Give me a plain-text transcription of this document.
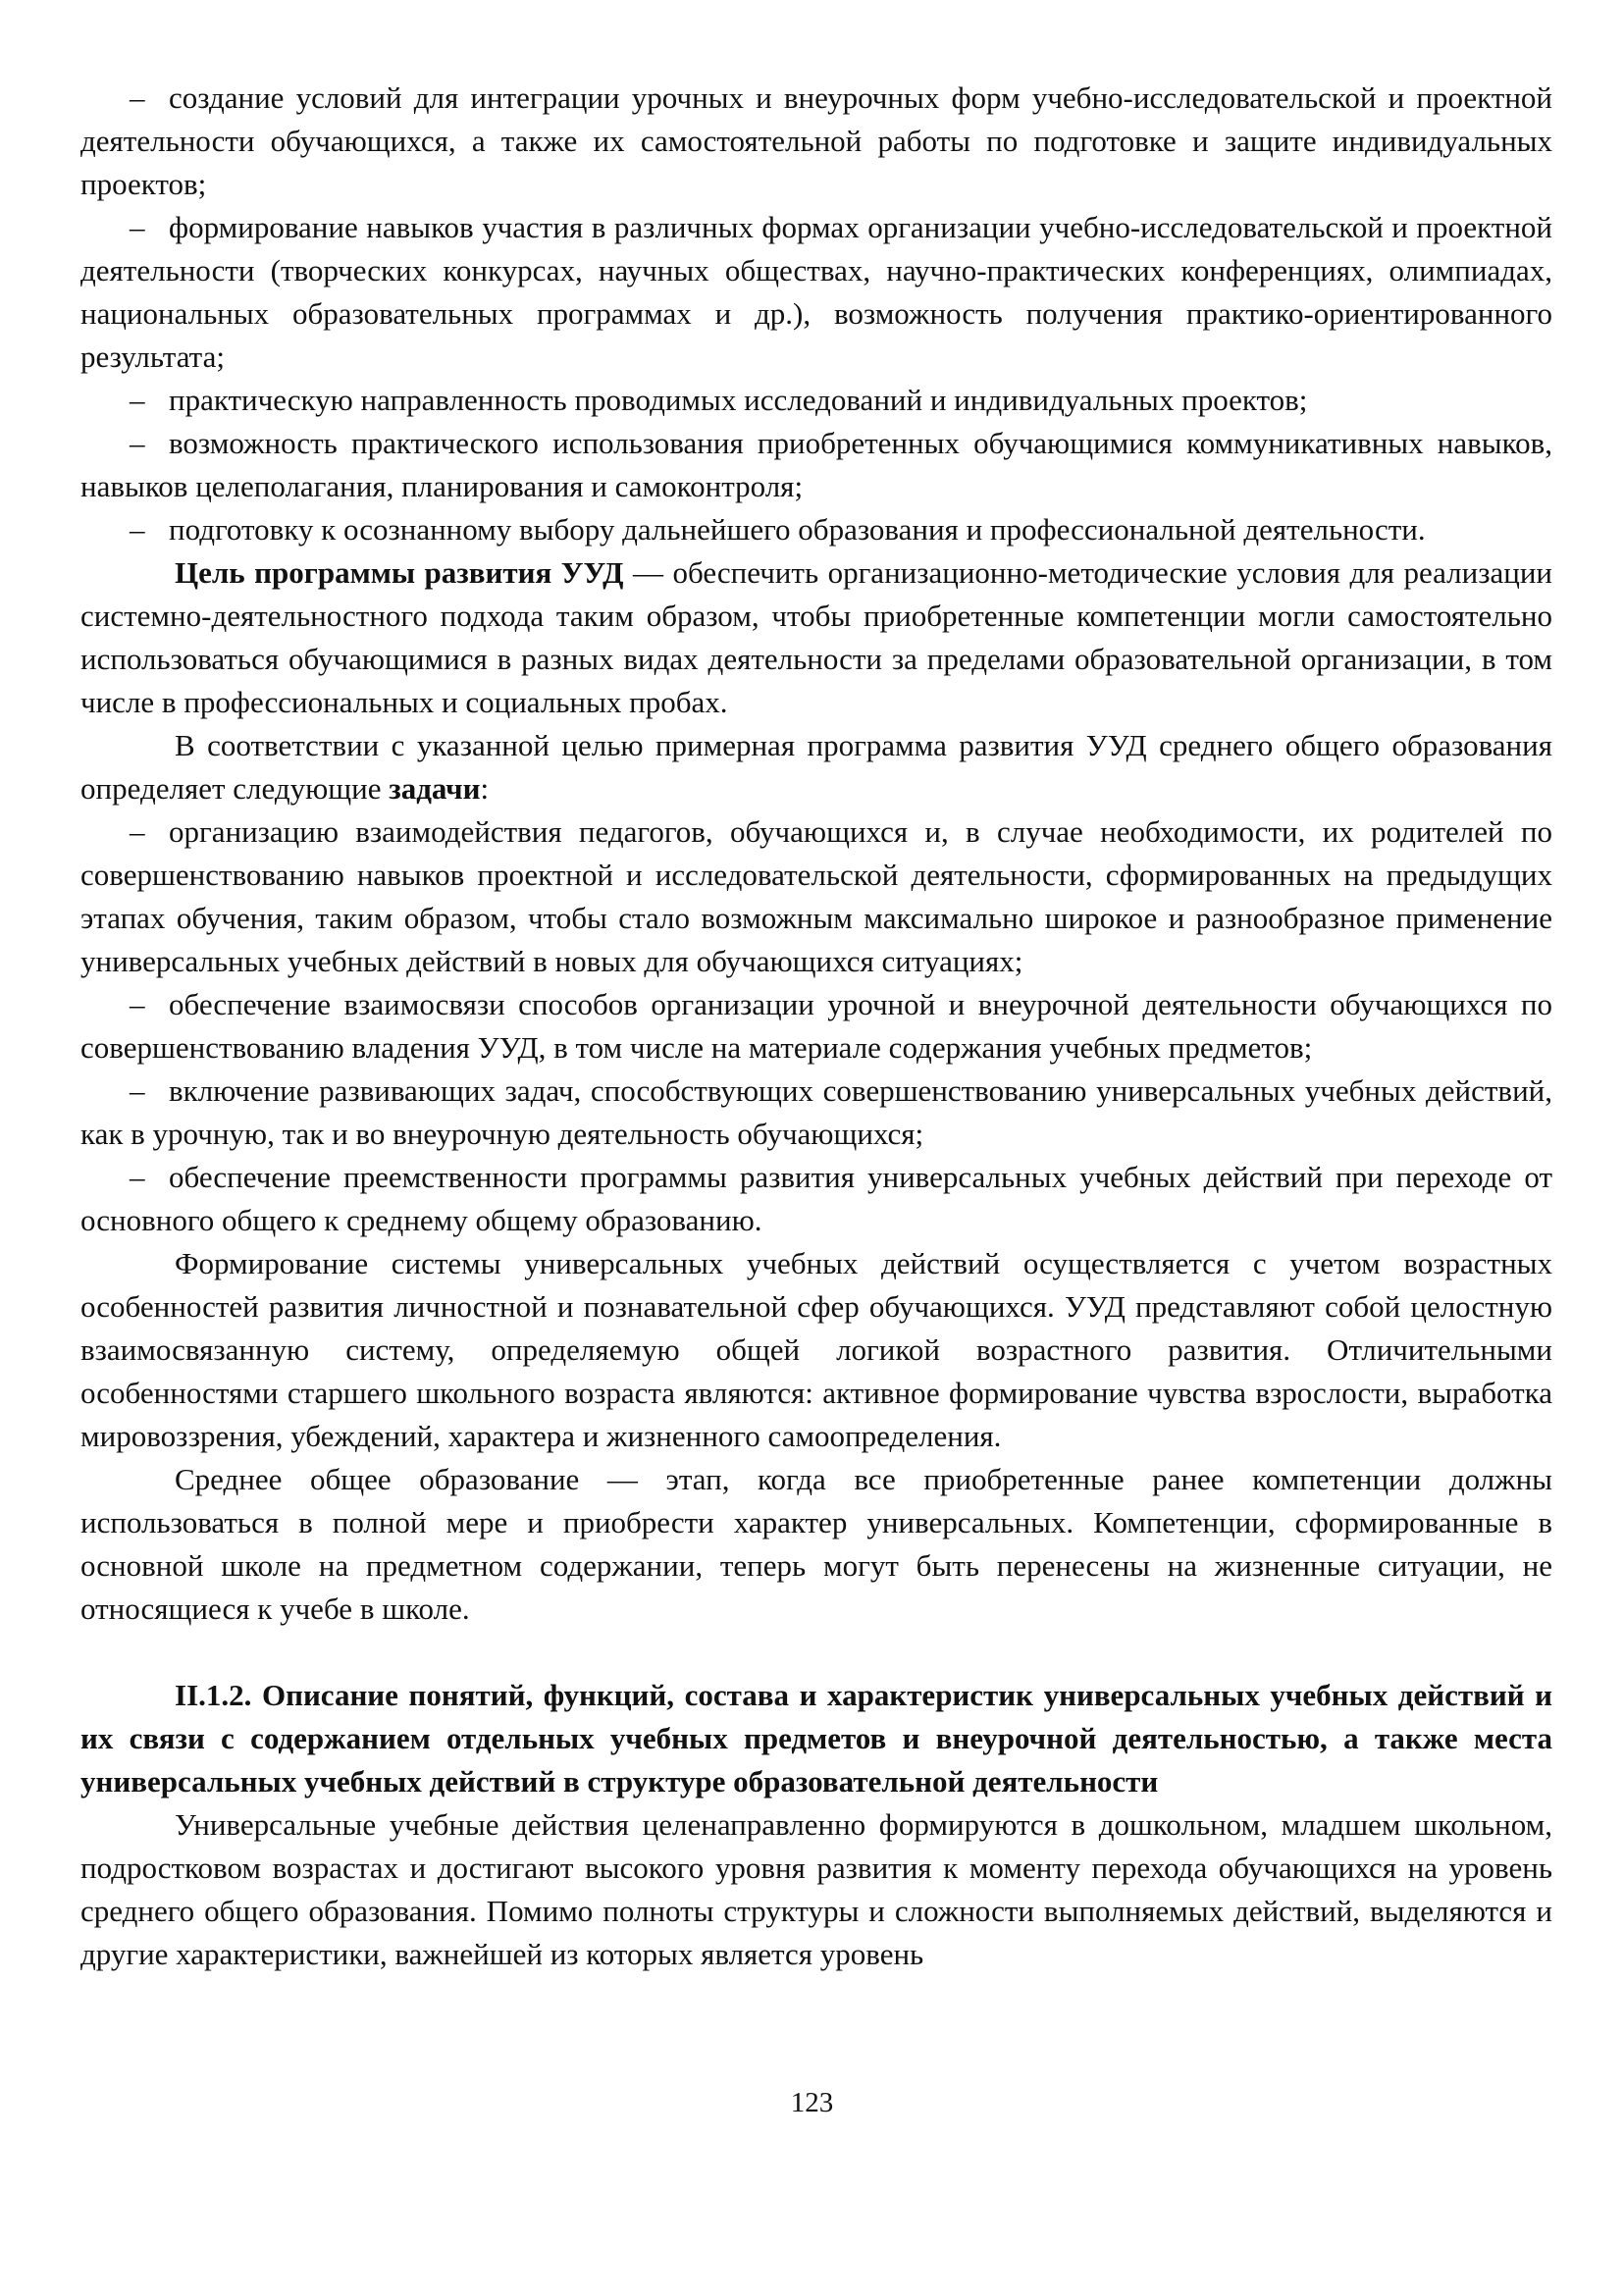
– создание условий для интеграции урочных и внеурочных форм учебно-исследовательской и проектной деятельности обучающихся, а также их самостоятельной работы по подготовке и защите индивидуальных проектов;

– формирование навыков участия в различных формах организации учебно-исследовательской и проектной деятельности (творческих конкурсах, научных обществах, научно-практических конференциях, олимпиадах, национальных образовательных программах и др.), возможность получения практико-ориентированного результата;

– практическую направленность проводимых исследований и индивидуальных проектов;

– возможность практического использования приобретенных обучающимися коммуникативных навыков, навыков целеполагания, планирования и самоконтроля;

– подготовку к осознанному выбору дальнейшего образования и профессиональной деятельности.

Цель программы развития УУД — обеспечить организационно-методические условия для реализации системно-деятельностного подхода таким образом, чтобы приобретенные компетенции могли самостоятельно использоваться обучающимися в разных видах деятельности за пределами образовательной организации, в том числе в профессиональных и социальных пробах.

В соответствии с указанной целью примерная программа развития УУД среднего общего образования определяет следующие задачи:

– организацию взаимодействия педагогов, обучающихся и, в случае необходимости, их родителей по совершенствованию навыков проектной и исследовательской деятельности, сформированных на предыдущих этапах обучения, таким образом, чтобы стало возможным максимально широкое и разнообразное применение универсальных учебных действий в новых для обучающихся ситуациях;

– обеспечение взаимосвязи способов организации урочной и внеурочной деятельности обучающихся по совершенствованию владения УУД, в том числе на материале содержания учебных предметов;

– включение развивающих задач, способствующих совершенствованию универсальных учебных действий, как в урочную, так и во внеурочную деятельность обучающихся;

– обеспечение преемственности программы развития универсальных учебных действий при переходе от основного общего к среднему общему образованию.

Формирование системы универсальных учебных действий осуществляется с учетом возрастных особенностей развития личностной и познавательной сфер обучающихся. УУД представляют собой целостную взаимосвязанную систему, определяемую общей логикой возрастного развития. Отличительными особенностями старшего школьного возраста являются: активное формирование чувства взрослости, выработка мировоззрения, убеждений, характера и жизненного самоопределения.

Среднее общее образование — этап, когда все приобретенные ранее компетенции должны использоваться в полной мере и приобрести характер универсальных. Компетенции, сформированные в основной школе на предметном содержании, теперь могут быть перенесены на жизненные ситуации, не относящиеся к учебе в школе.

II.1.2. Описание понятий, функций, состава и характеристик универсальных учебных действий и их связи с содержанием отдельных учебных предметов и внеурочной деятельностью, а также места универсальных учебных действий в структуре образовательной деятельности

Универсальные учебные действия целенаправленно формируются в дошкольном, младшем школьном, подростковом возрастах и достигают высокого уровня развития к моменту перехода обучающихся на уровень среднего общего образования. Помимо полноты структуры и сложности выполняемых действий, выделяются и другие характеристики, важнейшей из которых является уровень

123
